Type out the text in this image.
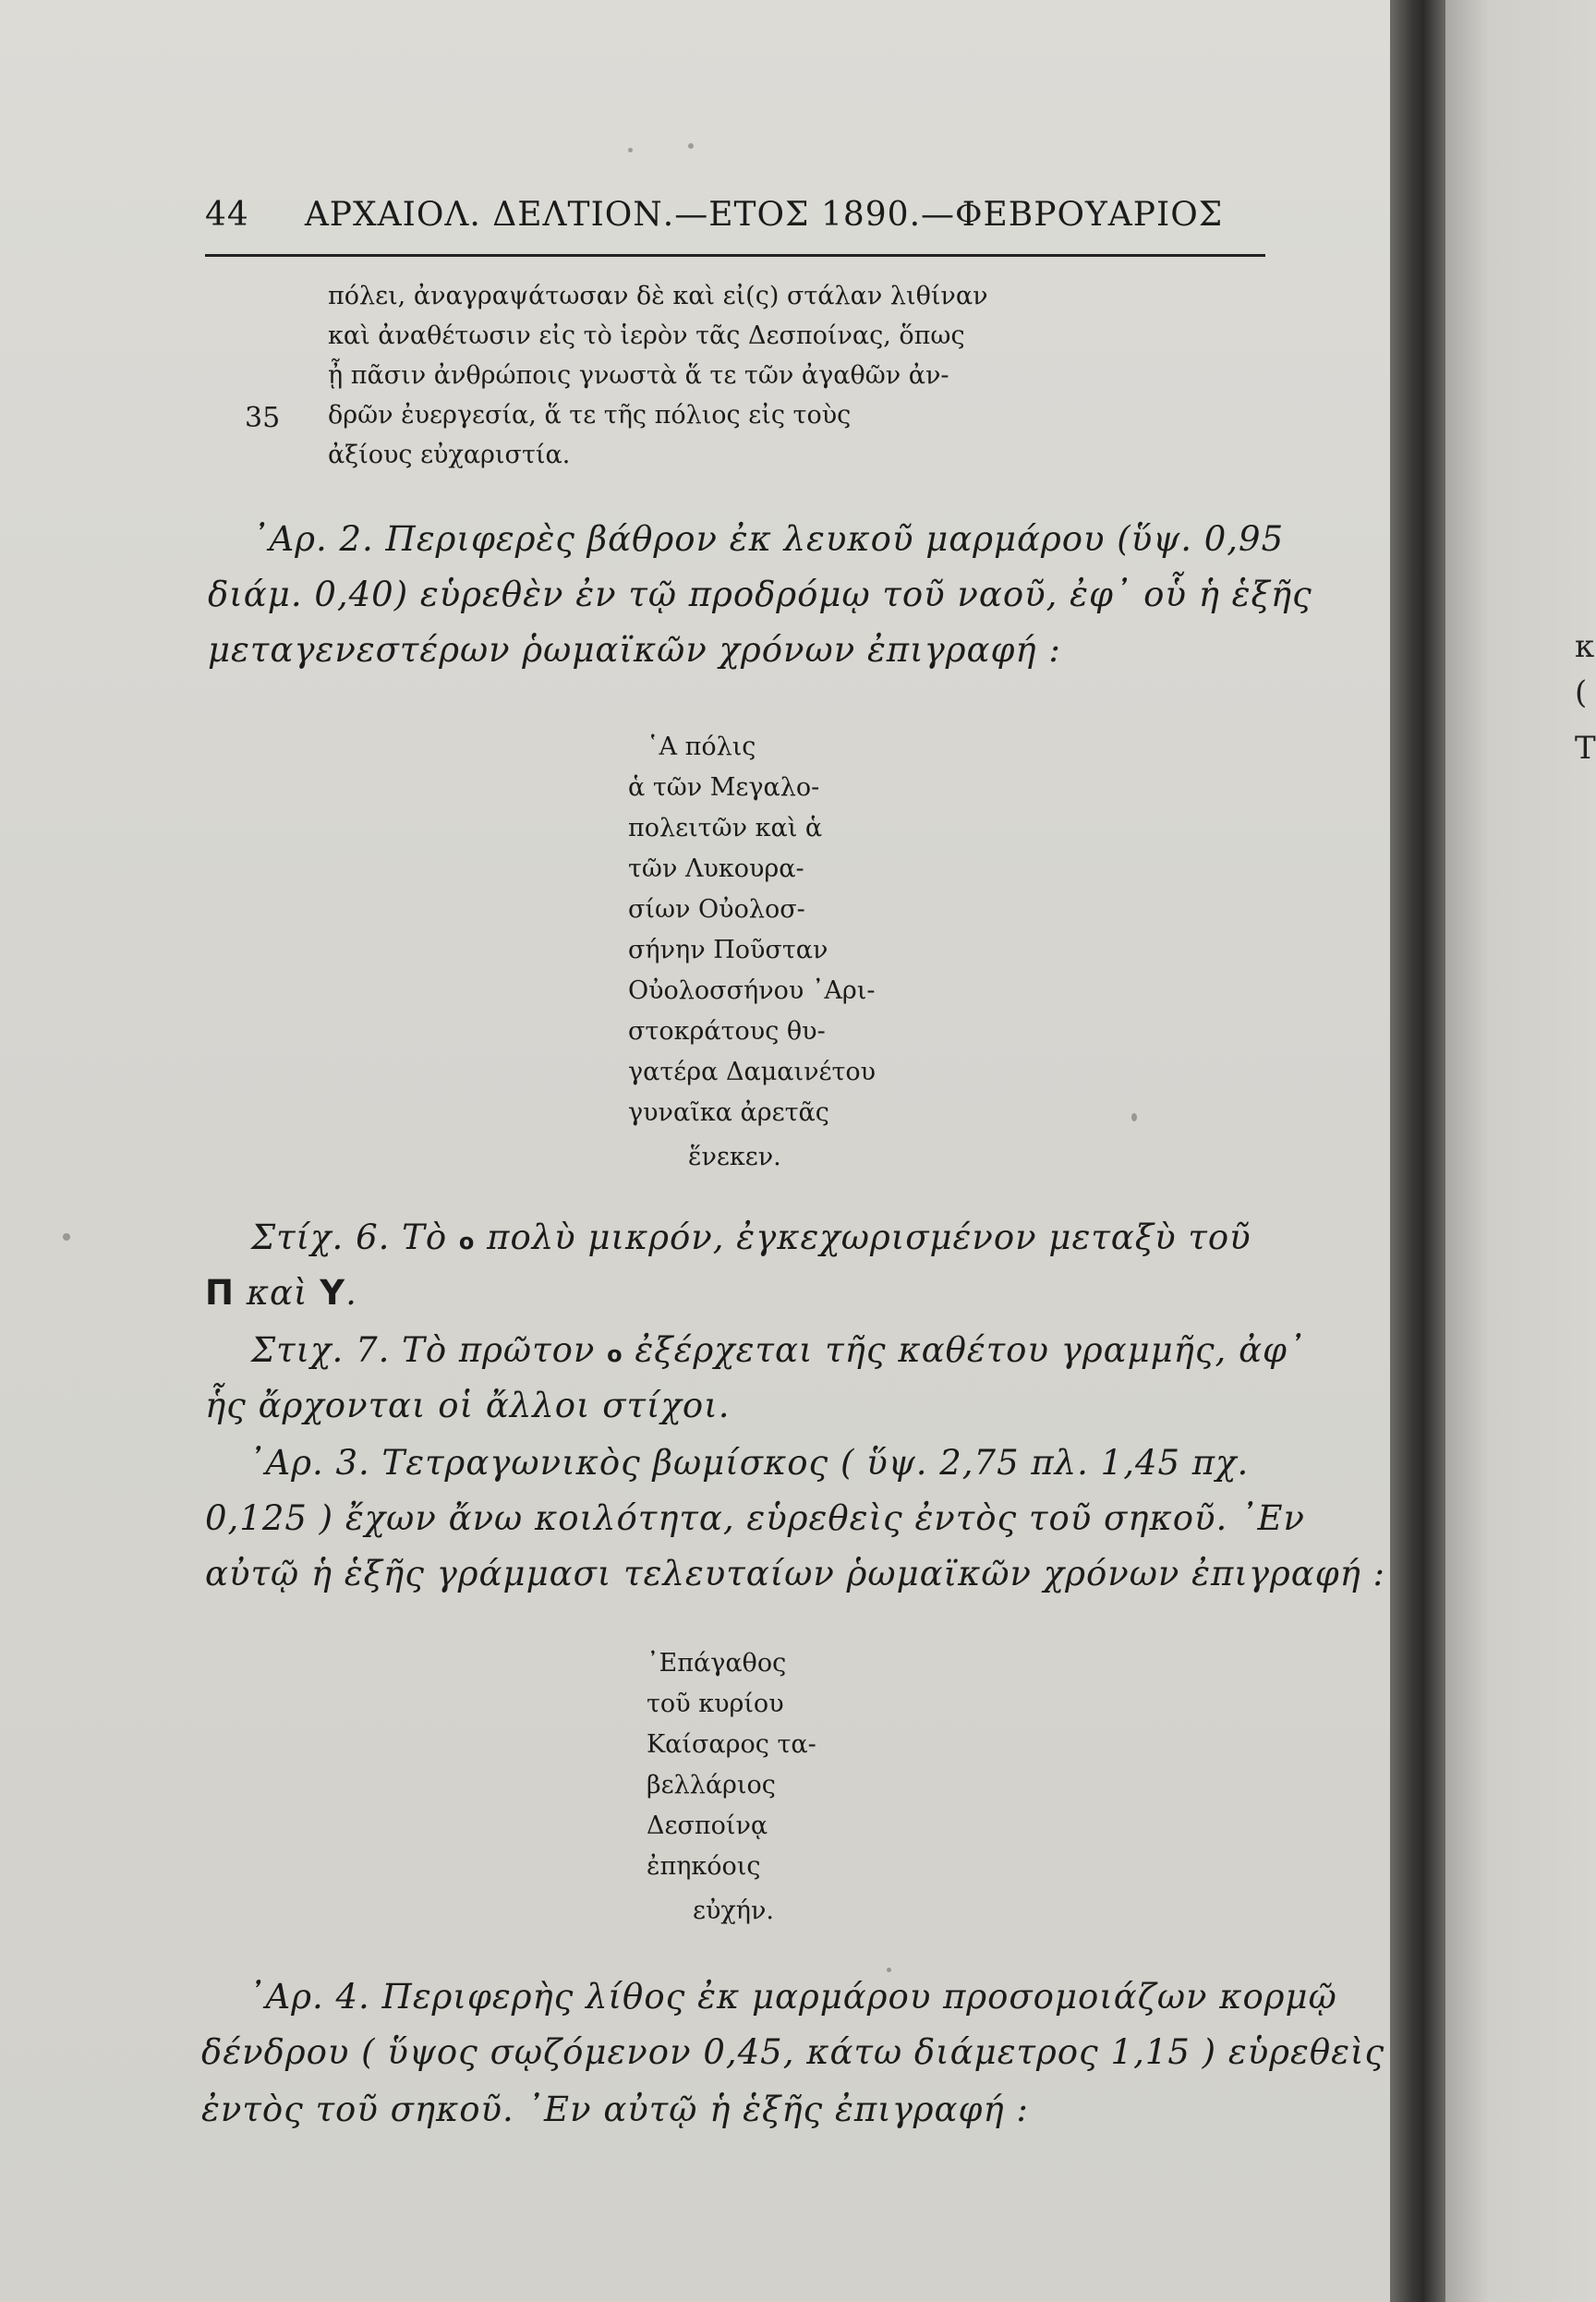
44 ΑΡΧΑΙΟΛ. ΔΕΛΤΙΟΝ.—ΕΤΟΣ 1890.—ΦΕΒΡΟΥΑΡΙΟΣ
πόλει, ἀναγραψάτωσαν δὲ καὶ εἰ(ς) στάλαν λιθίναν
καὶ ἀναθέτωσιν εἰς τὸ ἱερὸν τᾶς Δεσποίνας, ὅπως
ᾖ πᾶσιν ἀνθρώποις γνωστὰ ἅ τε τῶν ἀγαθῶν ἀν-
δρῶν ἐυεργεσία, ἅ τε τῆς πόλιος εἰς τοὺς
ἀξίους εὐχαριστία.
35
᾿Αρ. 2. Περιφερὲς βάθρον ἐκ λευκοῦ μαρμάρου (ὕψ. 0,95
διάμ. 0,40) εὑρεθὲν ἐν τῷ προδρόμῳ τοῦ ναοῦ, ἐφ᾿ οὗ ἡ ἑξῆς
μεταγενεστέρων ῥωμαϊκῶν χρόνων ἐπιγραφή :
῾Α πόλις
ἁ τῶν Μεγαλο-
πολειτῶν καὶ ἁ
τῶν Λυκουρα-
σίων Οὐολοσ-
σήνην Ποῦσταν
Οὐολοσσήνου ᾿Αρι-
στοκράτους θυ-
γατέρα Δαμαινέτου
γυναῖκα ἀρετᾶς
ἕνεκεν.
Στίχ. 6. Τὸ ο πολὺ μικρόν, ἐγκεχωρισμένον μεταξὺ τοῦ
Π καὶ Υ.
Στιχ. 7. Τὸ πρῶτον ο ἐξέρχεται τῆς καθέτου γραμμῆς, ἀφ᾿
ἧς ἄρχονται οἱ ἄλλοι στίχοι.
᾿Αρ. 3. Τετραγωνικὸς βωμίσκος ( ὕψ. 2,75 πλ. 1,45 πχ.
0,125 ) ἔχων ἄνω κοιλότητα, εὑρεθεὶς ἐντὸς τοῦ σηκοῦ. ᾿Εν
αὐτῷ ἡ ἑξῆς γράμμασι τελευταίων ῥωμαϊκῶν χρόνων ἐπιγραφή :
᾿Επάγαθος
τοῦ κυρίου
Καίσαρος τα-
βελλάριος
Δεσποίνᾳ
ἐπηκόοις
εὐχήν.
᾿Αρ. 4. Περιφερὴς λίθος ἐκ μαρμάρου προσομοιάζων κορμῷ
δένδρου ( ὕψος σῳζόμενον 0,45, κάτω διάμετρος 1,15 ) εὑρεθεὶς
ἐντὸς τοῦ σηκοῦ. ᾿Εν αὐτῷ ἡ ἑξῆς ἐπιγραφή :
κ
(
Τ
